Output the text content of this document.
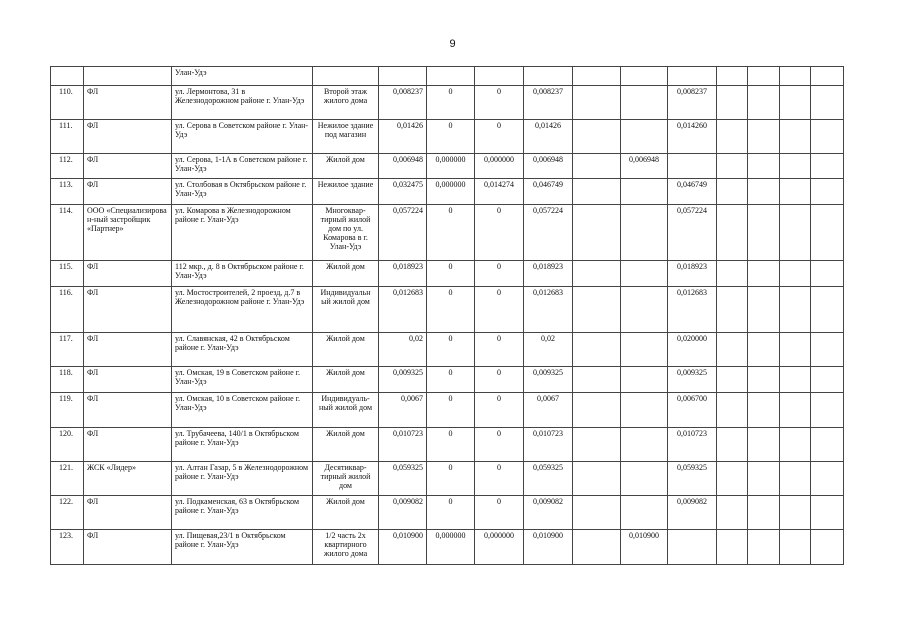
9
		Улан-Удэ												
110.	ФЛ	ул. Лермонтова, 31 в Железнодорожном районе г. Улан-Удэ	Второй этаж жилого дома	0,008237	0	0	0,008237			0,008237				
111.	ФЛ	ул. Серова в Советском районе г. Улан-Удэ	Нежилое здание под магазин	0,01426	0	0	0,01426			0,014260				
112.	ФЛ	ул. Серова, 1-1А в Советском районе г. Улан-Удэ	Жилой дом	0,006948	0,000000	0,000000	0,006948		0,006948					
113.	ФЛ	ул. Столбовая в Октябрьском районе г. Улан-Удэ	Нежилое здание	0,032475	0,000000	0,014274	0,046749			0,046749				
114.	ООО «Специализирова н-ный застройщик «Партнер»	ул. Комарова в Железнодорожном районе г. Улан-Удэ	Многоквар-тирный жилой дом по ул. Комарова в г. Улан-Удэ	0,057224	0	0	0,057224			0,057224				
115.	ФЛ	112 мкр., д. 8 в Октябрьском районе г. Улан-Удэ	Жилой дом	0,018923	0	0	0,018923			0,018923				
116.	ФЛ	ул. Мостостроителей, 2 проезд, д.7 в Железнодорожном районе г. Улан-Удэ	Индивидуальн ый жилой дом	0,012683	0	0	0,012683			0,012683				
117.	ФЛ	ул. Славянская, 42 в Октябрьском районе г. Улан-Удэ	Жилой дом	0,02	0	0	0,02			0,020000				
118.	ФЛ	ул. Омская, 19 в Советском районе г. Улан-Удэ	Жилой дом	0,009325	0	0	0,009325			0,009325				
119.	ФЛ	ул. Омская, 10 в Советском районе г. Улан-Удэ	Индивидуаль-ный жилой дом	0,0067	0	0	0,0067			0,006700				
120.	ФЛ	ул. Трубачеева, 140/1 в Октябрьском районе г. Улан-Удэ	Жилой дом	0,010723	0	0	0,010723			0,010723				
121.	ЖСК «Лидер»	ул. Алтан Газар, 5 в Железнодорожном районе г. Улан-Удэ	Десятиквар-тирный жилой дом	0,059325	0	0	0,059325			0,059325				
122.	ФЛ	ул. Подкаменская, 63 в Октябрьском районе г. Улан-Удэ	Жилой дом	0,009082	0	0	0,009082			0,009082				
123.	ФЛ	ул. Пищевая,23/1 в Октябрьском районе г. Улан-Удэ	1/2 часть 2х квартирного жилого дома	0,010900	0,000000	0,000000	0,010900		0,010900					
